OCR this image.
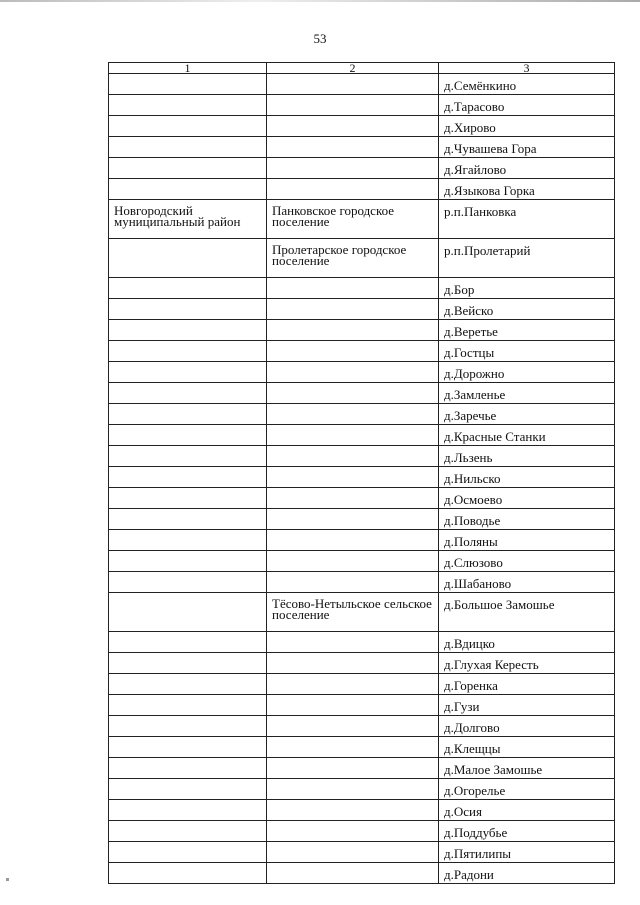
53
1	2	3
		д.Семёнкино
		д.Тарасово
		д.Хирово
		д.Чувашева Гора
		д.Ягайлово
		д.Языкова Горка
Новгородский муниципальный район	Панковское городское поселение	р.п.Панковка
	Пролетарское городское поселение	р.п.Пролетарий
		д.Бор
		д.Вейско
		д.Веретье
		д.Гостцы
		д.Дорожно
		д.Замленье
		д.Заречье
		д.Красные Станки
		д.Льзень
		д.Нильско
		д.Осмоево
		д.Поводье
		д.Поляны
		д.Слюзово
		д.Шабаново
	Тёсово-Нетыльское сельское поселение	д.Большое Замошье
		д.Вдицко
		д.Глухая Кересть
		д.Горенка
		д.Гузи
		д.Долгово
		д.Клещцы
		д.Малое Замошье
		д.Огорелье
		д.Осия
		д.Поддубье
		д.Пятилипы
		д.Радони
